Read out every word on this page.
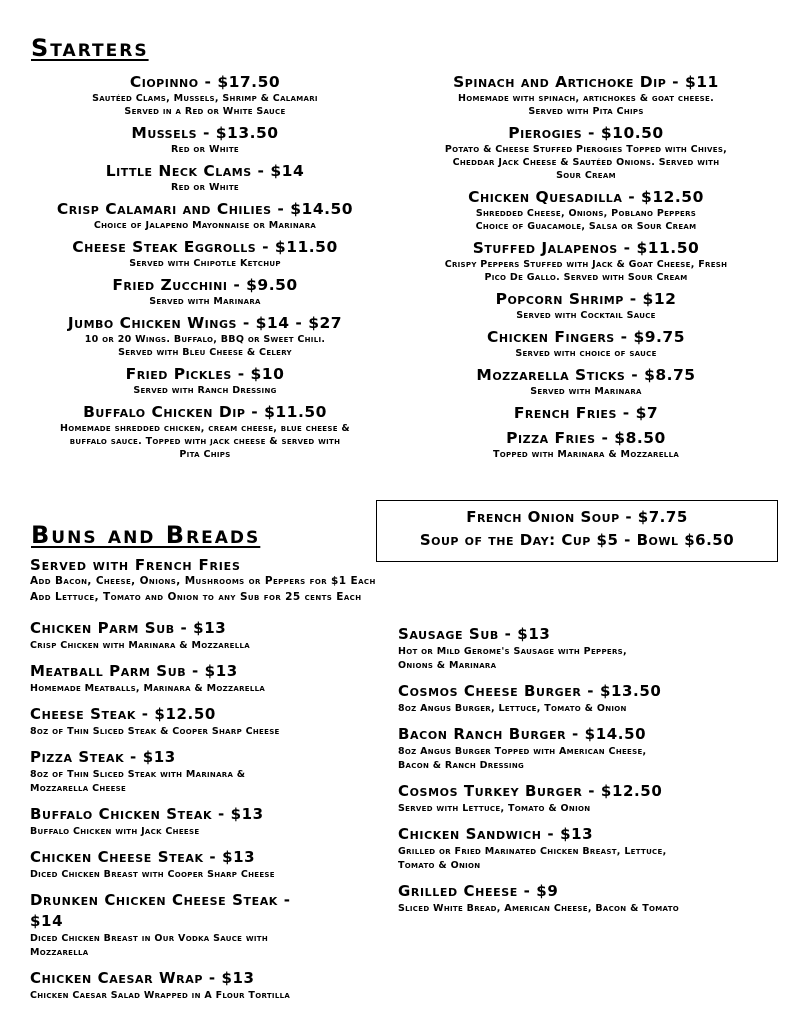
Starters
Ciopinno - $17.50
Sautéed Clams, Mussels, Shrimp & Calamari
Served in a Red or White Sauce
Mussels - $13.50
Red or White
Little Neck Clams - $14
Red or White
Crisp Calamari and Chilies - $14.50
Choice of Jalapeno Mayonnaise or Marinara
Cheese Steak Eggrolls - $11.50
Served with Chipotle Ketchup
Fried Zucchini - $9.50
Served with Marinara
Jumbo Chicken Wings - $14 - $27
10 or 20 Wings. Buffalo, BBQ or Sweet Chili.
Served with Bleu Cheese & Celery
Fried Pickles - $10
Served with Ranch Dressing
Buffalo Chicken Dip - $11.50
Homemade shredded chicken, cream cheese, blue cheese &
buffalo sauce. Topped with jack cheese & served with
Pita Chips
Spinach and Artichoke Dip - $11
Homemade with spinach, artichokes & goat cheese.
Served with Pita Chips
Pierogies - $10.50
Potato & Cheese Stuffed Pierogies Topped with Chives,
Cheddar Jack Cheese & Sautéed Onions. Served with
Sour Cream
Chicken Quesadilla - $12.50
Shredded Cheese, Onions, Poblano Peppers
Choice of Guacamole, Salsa or Sour Cream
Stuffed Jalapenos - $11.50
Crispy Peppers Stuffed with Jack & Goat Cheese, Fresh
Pico De Gallo. Served with Sour Cream
Popcorn Shrimp - $12
Served with Cocktail Sauce
Chicken Fingers - $9.75
Served with choice of sauce
Mozzarella Sticks - $8.75
Served with Marinara
French Fries - $7
Pizza Fries - $8.50
Topped with Marinara & Mozzarella
French Onion Soup - $7.75
Soup of the Day: Cup $5 - Bowl $6.50
Buns and Breads
Served with French Fries
Add Bacon, Cheese, Onions, Mushrooms or Peppers for $1 Each
Add Lettuce, Tomato and Onion to any Sub for 25 cents Each
Chicken Parm Sub - $13
Crisp Chicken with Marinara & Mozzarella
Meatball Parm Sub - $13
Homemade Meatballs, Marinara & Mozzarella
Cheese Steak - $12.50
8oz of Thin Sliced Steak & Cooper Sharp Cheese
Pizza Steak - $13
8oz of Thin Sliced Steak with Marinara &
Mozzarella Cheese
Buffalo Chicken Steak - $13
Buffalo Chicken with Jack Cheese
Chicken Cheese Steak - $13
Diced Chicken Breast with Cooper Sharp Cheese
Drunken Chicken Cheese Steak -
$14
Diced Chicken Breast in Our Vodka Sauce with
Mozzarella
Chicken Caesar Wrap - $13
Chicken Caesar Salad Wrapped in A Flour Tortilla
Sausage Sub - $13
Hot or Mild Gerome's Sausage with Peppers,
Onions & Marinara
Cosmos Cheese Burger - $13.50
8oz Angus Burger, Lettuce, Tomato & Onion
Bacon Ranch Burger - $14.50
8oz Angus Burger Topped with American Cheese,
Bacon & Ranch Dressing
Cosmos Turkey Burger - $12.50
Served with Lettuce, Tomato & Onion
Chicken Sandwich - $13
Grilled or Fried Marinated Chicken Breast, Lettuce,
Tomato & Onion
Grilled Cheese - $9
Sliced White Bread, American Cheese, Bacon & Tomato
